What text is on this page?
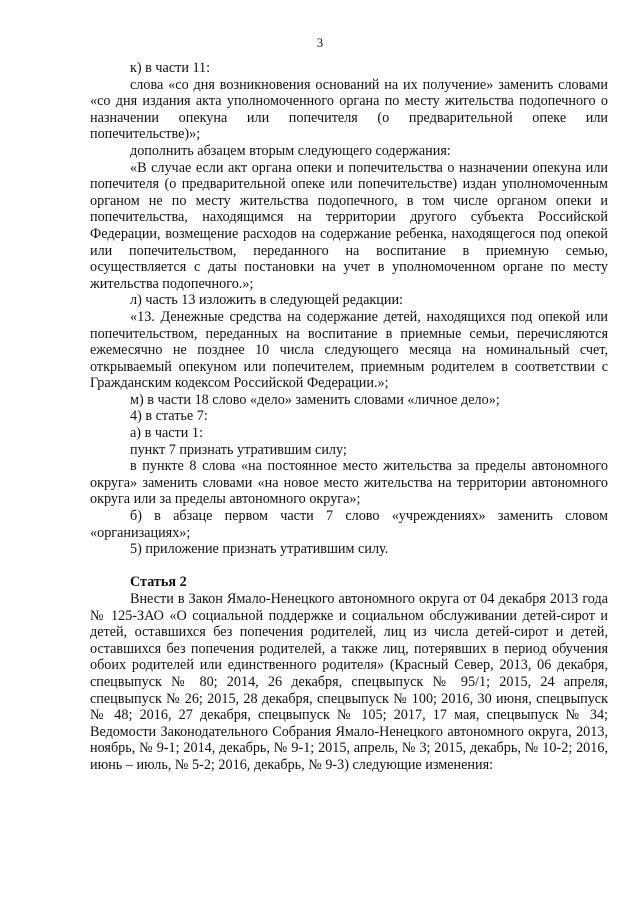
3

к) в части 11:

слова «со дня возникновения оснований на их получение» заменить словами «со дня издания акта уполномоченного органа по месту жительства подопечного о назначении опекуна или попечителя (о предварительной опеке или попечительстве)»;

дополнить абзацем вторым следующего содержания:

«В случае если акт органа опеки и попечительства о назначении опекуна или попечителя (о предварительной опеке или попечительстве) издан уполномоченным органом не по месту жительства подопечного, в том числе органом опеки и попечительства, находящимся на территории другого субъекта Российской Федерации, возмещение расходов на содержание ребенка, находящегося под опекой или попечительством, переданного на воспитание в приемную семью, осуществляется с даты постановки на учет в уполномоченном органе по месту жительства подопечного.»;

л) часть 13 изложить в следующей редакции:

«13. Денежные средства на содержание детей, находящихся под опекой или попечительством, переданных на воспитание в приемные семьи, перечисляются ежемесячно не позднее 10 числа следующего месяца на номинальный счет, открываемый опекуном или попечителем, приемным родителем в соответствии с Гражданским кодексом Российской Федерации.»;

м) в части 18 слово «дело» заменить словами «личное дело»;

4) в статье 7:

а) в части 1:

пункт 7 признать утратившим силу;

в пункте 8 слова «на постоянное место жительства за пределы автономного округа» заменить словами «на новое место жительства на территории автономного округа или за пределы автономного округа»;

б) в абзаце первом части 7 слово «учреждениях» заменить словом «организациях»;

5) приложение признать утратившим силу.

Статья 2

Внести в Закон Ямало-Ненецкого автономного округа от 04 декабря 2013 года № 125-ЗАО «О социальной поддержке и социальном обслуживании детей-сирот и детей, оставшихся без попечения родителей, лиц из числа детей-сирот и детей, оставшихся без попечения родителей, а также лиц, потерявших в период обучения обоих родителей или единственного родителя» (Красный Север, 2013, 06 декабря, спецвыпуск № 80; 2014, 26 декабря, спецвыпуск № 95/1; 2015, 24 апреля, спецвыпуск № 26; 2015, 28 декабря, спецвыпуск № 100; 2016, 30 июня, спецвыпуск № 48; 2016, 27 декабря, спецвыпуск № 105; 2017, 17 мая, спецвыпуск № 34; Ведомости Законодательного Собрания Ямало-Ненецкого автономного округа, 2013, ноябрь, № 9-1; 2014, декабрь, № 9-1; 2015, апрель, № 3; 2015, декабрь, № 10-2; 2016, июнь – июль, № 5-2; 2016, декабрь, № 9-3) следующие изменения:
